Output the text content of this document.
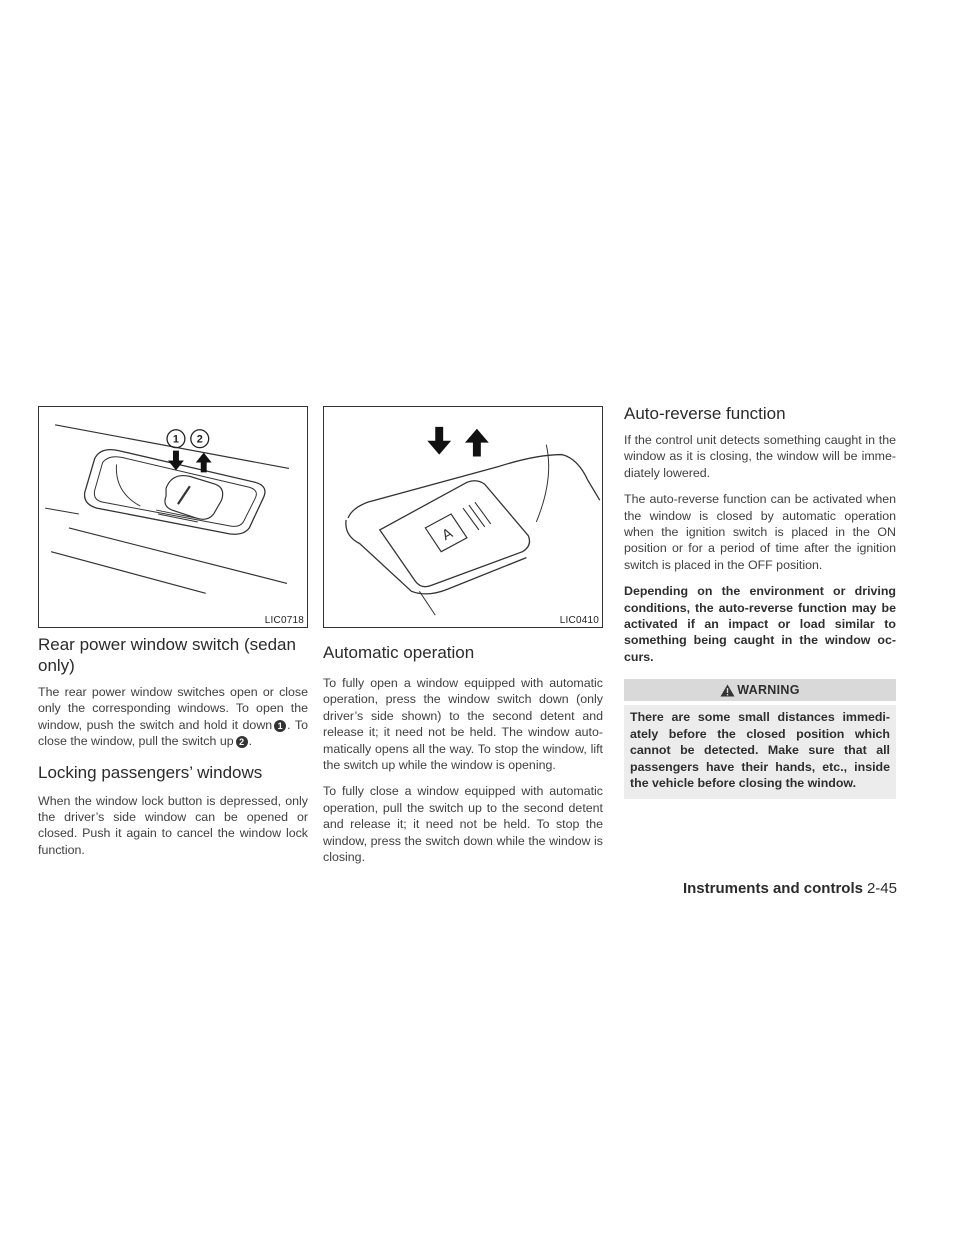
1 2
LIC0718
Rear power window switch (sedan only)

The rear power window switches open or close only the corresponding windows. To open the window, push the switch and hold it down 1 . To close the window, pull the switch up 2 .

Locking passengers’ windows

When the window lock button is depressed, only the driver’s side window can be opened or closed. Push it again to cancel the window lock function.

A
LIC0410
Automatic operation

To fully open a window equipped with automatic operation, press the window switch down (only driver’s side shown) to the second detent and release it; it need not be held. The window auto-matically opens all the way. To stop the window, lift the switch up while the window is opening.

To fully close a window equipped with automatic operation, pull the switch up to the second detent and release it; it need not be held. To stop the window, press the switch down while the window is closing.

Auto-reverse function

If the control unit detects something caught in the window as it is closing, the window will be imme-diately lowered.

The auto-reverse function can be activated when the window is closed by automatic operation when the ignition switch is placed in the ON position or for a period of time after the ignition switch is placed in the OFF position.

Depending on the environment or driving conditions, the auto-reverse function may be activated if an impact or load similar to something being caught in the window oc-curs.

WARNING

There are some small distances immedi-ately before the closed position which cannot be detected. Make sure that all passengers have their hands, etc., inside the vehicle before closing the window.

Instruments and controls 2-45
